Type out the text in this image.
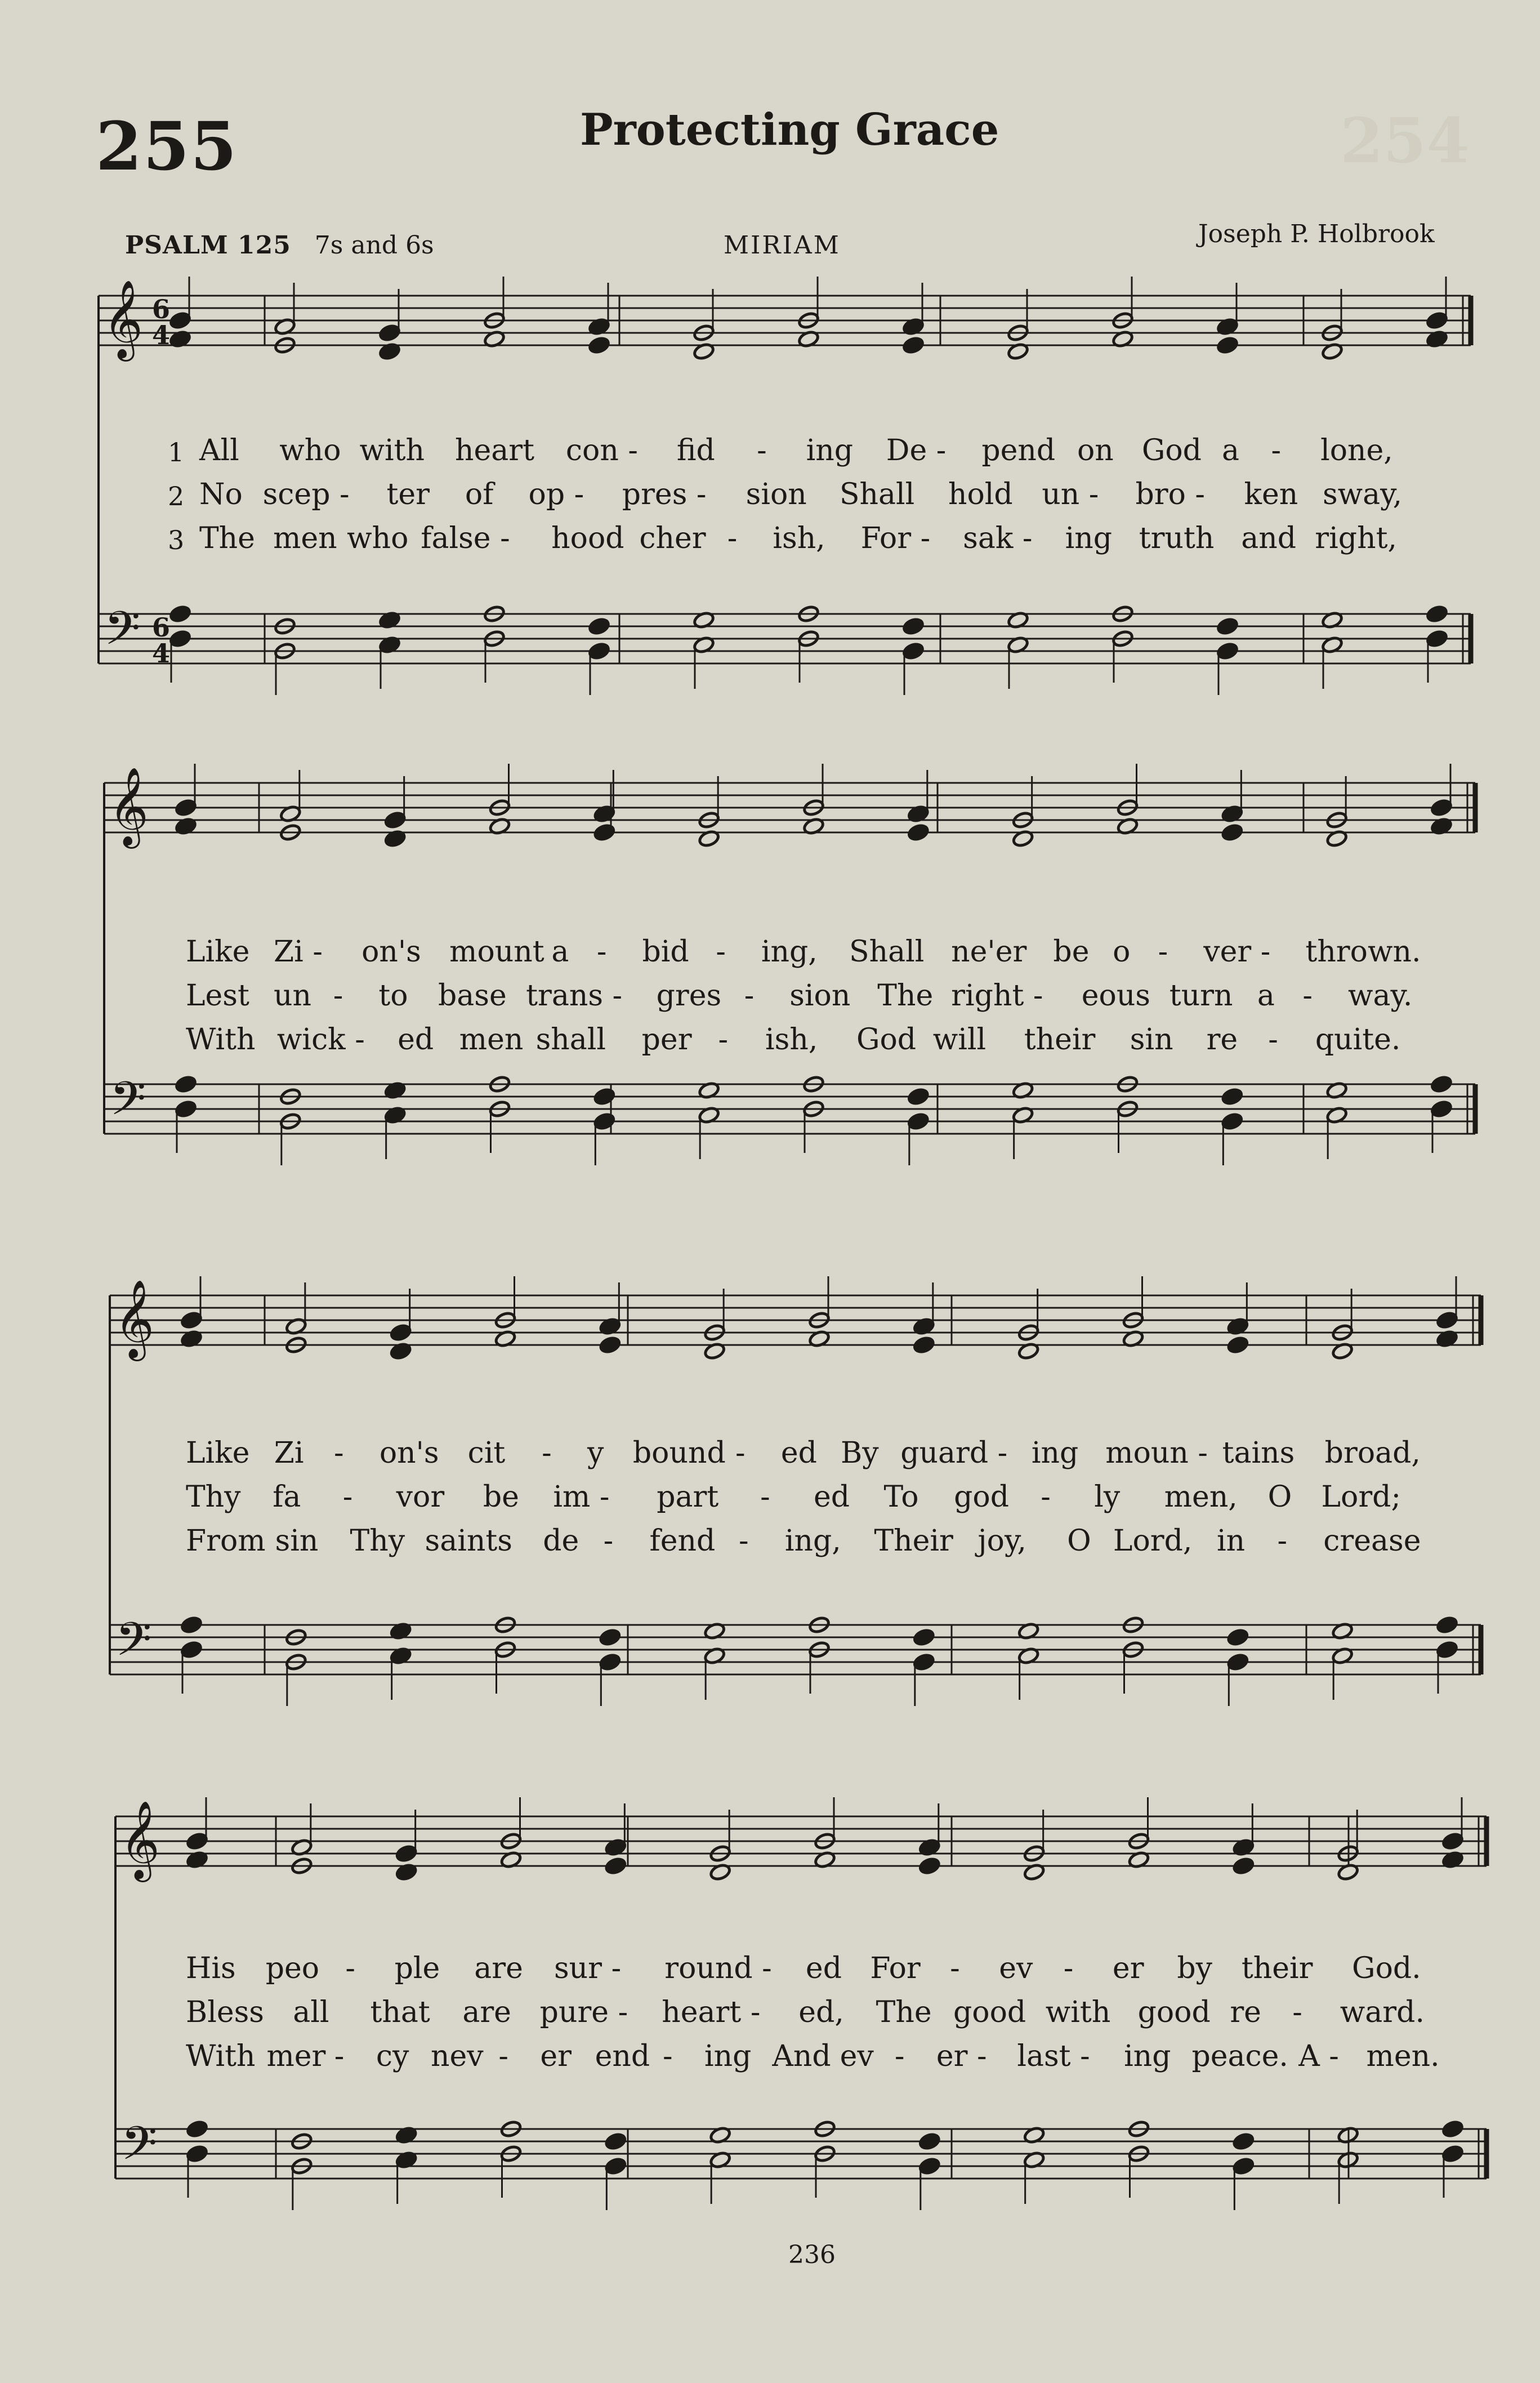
254
255	Protecting Grace
PSALM 125 7s and 6s	MIRIAM	Joseph P. Holbrook
𝄞
𝄢
6
4
6
4
𝄞
𝄢
𝄞
𝄢
𝄞
𝄢
1 All who with heart con - fid - ing De - pend on God a - lone,
2 No scep - ter of op - pres - sion Shall hold un - bro - ken sway,
3 The men who false - hood cher - ish, For - sak - ing truth and right,
Like Zi - on's mount a - bid - ing, Shall ne'er be o - ver - thrown.
Lest un - to base trans - gres - sion The right - eous turn a - way.
With wick - ed men shall per - ish, God will their sin re - quite.
Like Zi - on's cit - y bound - ed By guard - ing moun - tains broad,
Thy fa - vor be im - part - ed To god - ly men, O Lord;
From sin Thy saints de - fend - ing, Their joy, O Lord, in - crease
His peo - ple are sur - round - ed For - ev - er by their God.
Bless all that are pure - heart - ed, The good with good re - ward.
With mer - cy nev - er end - ing And ev - er - last - ing peace. A - men.
236
